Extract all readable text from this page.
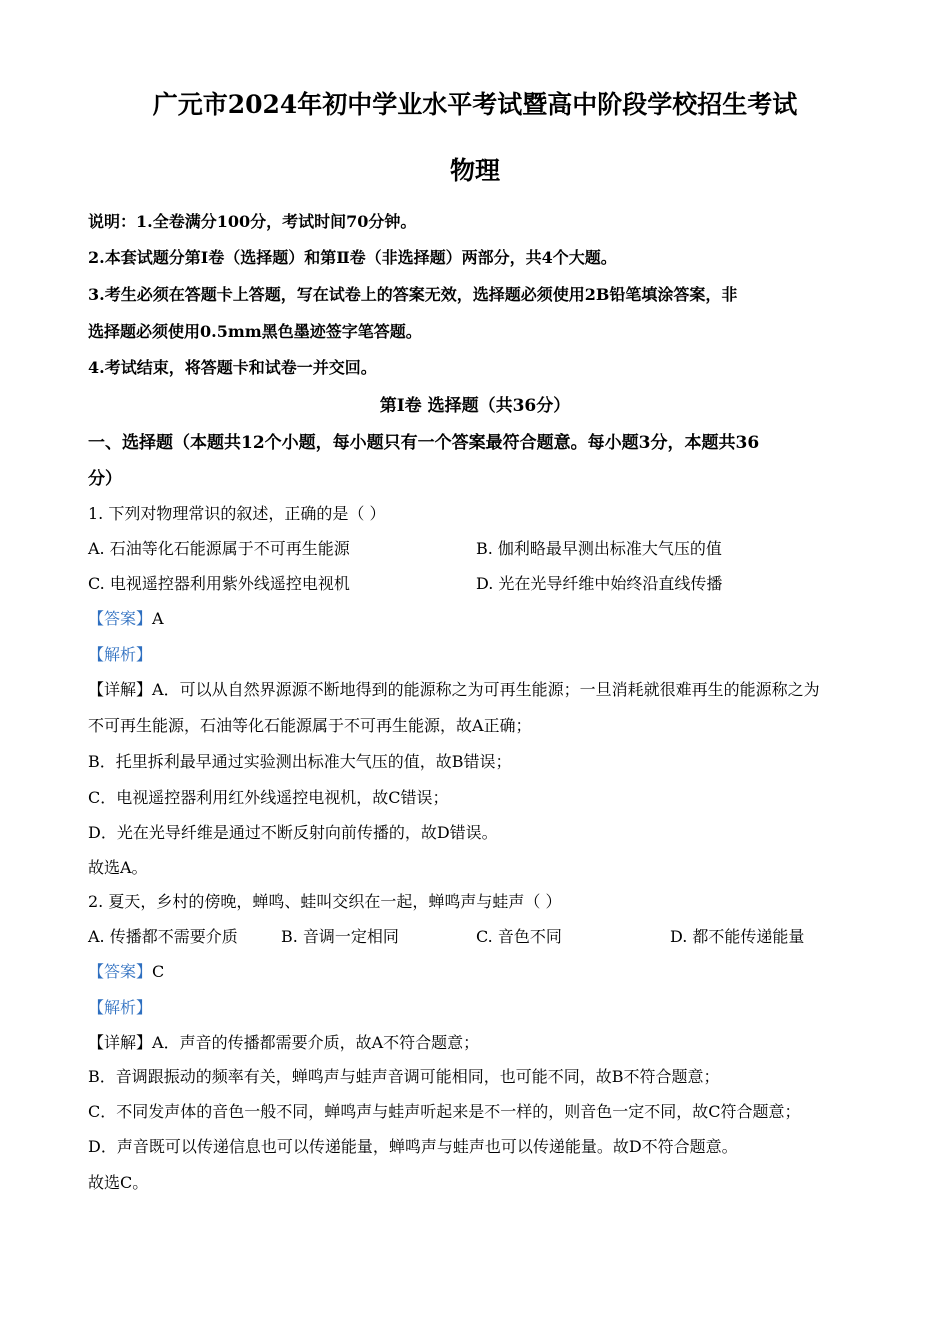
广元市2024年初中学业水平考试暨高中阶段学校招生考试
物理
说明：1.全卷满分100分，考试时间70分钟。
2.本套试题分第Ⅰ卷（选择题）和第Ⅱ卷（非选择题）两部分，共4个大题。
3.考生必须在答题卡上答题，写在试卷上的答案无效，选择题必须使用2B铅笔填涂答案，非
选择题必须使用0.5mm黑色墨迹签字笔答题。
4.考试结束，将答题卡和试卷一并交回。
第Ⅰ卷 选择题（共36分）
一、选择题（本题共12个小题，每小题只有一个答案最符合题意。每小题3分，本题共36
分）
1. 下列对物理常识的叙述，正确的是（ ）
A. 石油等化石能源属于不可再生能源	B. 伽利略最早测出标准大气压的值
C. 电视遥控器利用紫外线遥控电视机	D. 光在光导纤维中始终沿直线传播
【答案】A
【解析】
【详解】A．可以从自然界源源不断地得到的能源称之为可再生能源；一旦消耗就很难再生的能源称之为
不可再生能源，石油等化石能源属于不可再生能源，故A正确；
B．托里拆利最早通过实验测出标准大气压的值，故B错误；
C．电视遥控器利用红外线遥控电视机，故C错误；
D．光在光导纤维是通过不断反射向前传播的，故D错误。
故选A。
2. 夏天，乡村的傍晚，蝉鸣、蛙叫交织在一起，蝉鸣声与蛙声（ ）
A. 传播都不需要介质	B. 音调一定相同	C. 音色不同	D. 都不能传递能量
【答案】C
【解析】
【详解】A．声音的传播都需要介质，故A不符合题意；
B．音调跟振动的频率有关，蝉鸣声与蛙声音调可能相同，也可能不同，故B不符合题意；
C．不同发声体的音色一般不同，蝉鸣声与蛙声听起来是不一样的，则音色一定不同，故C符合题意；
D．声音既可以传递信息也可以传递能量，蝉鸣声与蛙声也可以传递能量。故D不符合题意。
故选C。
